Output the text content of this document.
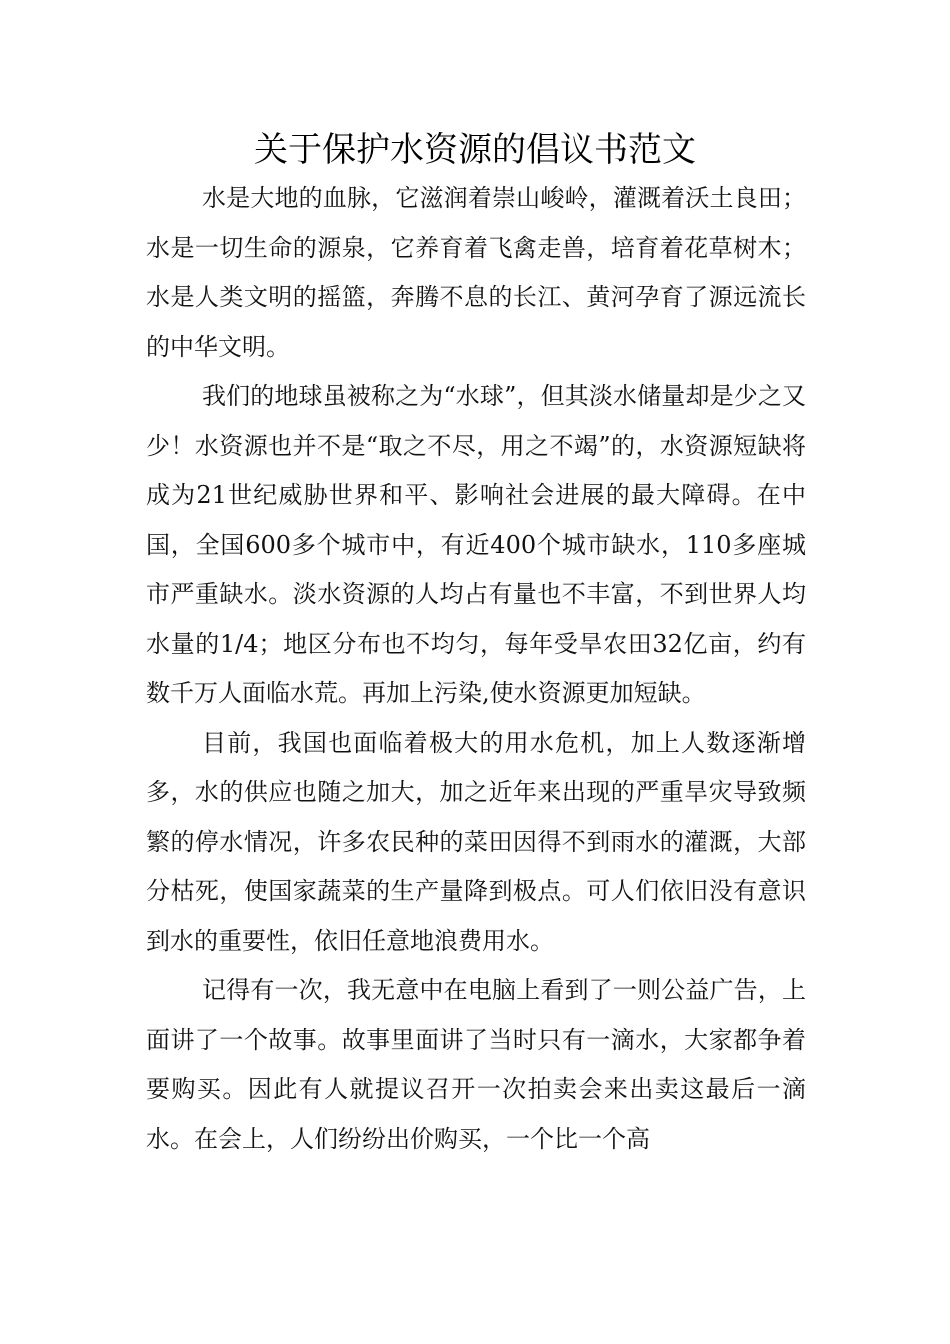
关于保护水资源的倡议书范文

水是大地的血脉，它滋润着崇山峻岭，灌溉着沃土良田；水是一切生命的源泉，它养育着飞禽走兽，培育着花草树木；水是人类文明的摇篮，奔腾不息的长江、黄河孕育了源远流长的中华文明。

我们的地球虽被称之为“水球”，但其淡水储量却是少之又少！水资源也并不是“取之不尽，用之不竭”的，水资源短缺将成为21世纪威胁世界和平、影响社会进展的最大障碍。在中国，全国600多个城市中，有近400个城市缺水，110多座城市严重缺水。淡水资源的人均占有量也不丰富，不到世界人均水量的1/4；地区分布也不均匀，每年受旱农田32亿亩，约有数千万人面临水荒。再加上污染,使水资源更加短缺。

目前，我国也面临着极大的用水危机，加上人数逐渐增多，水的供应也随之加大，加之近年来出现的严重旱灾导致频繁的停水情况，许多农民种的菜田因得不到雨水的灌溉，大部分枯死，使国家蔬菜的生产量降到极点。可人们依旧没有意识到水的重要性，依旧任意地浪费用水。

记得有一次，我无意中在电脑上看到了一则公益广告，上面讲了一个故事。故事里面讲了当时只有一滴水，大家都争着要购买。因此有人就提议召开一次拍卖会来出卖这最后一滴水。在会上，人们纷纷出价购买，一个比一个高
